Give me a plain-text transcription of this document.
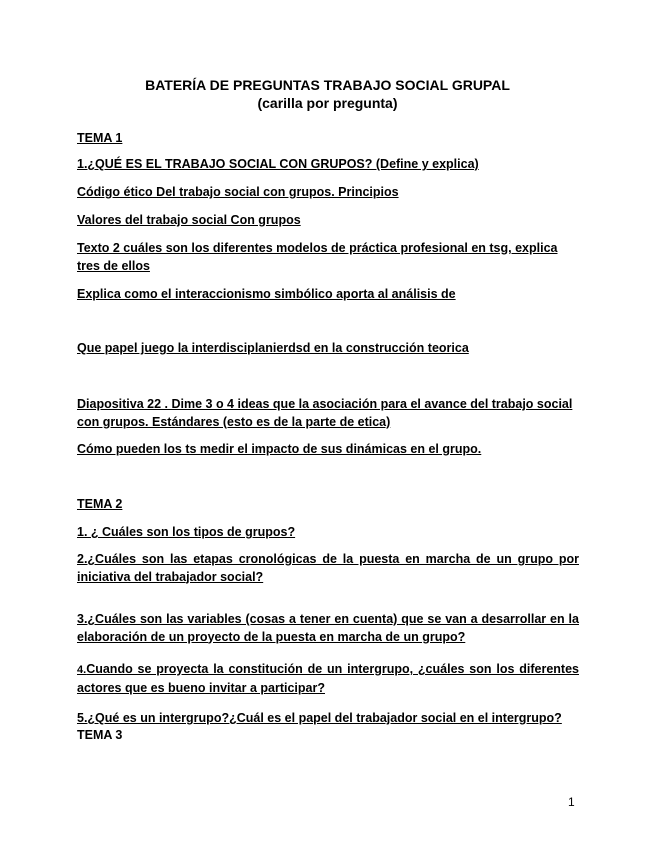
BATERÍA DE PREGUNTAS TRABAJO SOCIAL GRUPAL
(carilla por pregunta)
TEMA 1
1.¿QUÉ ES EL TRABAJO SOCIAL CON GRUPOS? (Define y explica)
Código ético Del trabajo social con grupos. Principios
Valores del trabajo social Con grupos
Texto 2 cuáles son los diferentes modelos de práctica profesional en tsg, explica tres de ellos
Explica como el interaccionismo simbólico aporta al análisis de
Que papel juego la interdisciplanierdsd en la construcción teorica
Diapositiva 22 . Dime 3 o 4 ideas que la asociación para el avance del trabajo social con grupos. Estándares (esto es de la parte de etica)
Cómo pueden los ts medir el impacto de sus dinámicas en el grupo.
TEMA 2
1. ¿ Cuáles son los tipos de grupos?
2.¿Cuáles son las etapas cronológicas de la puesta en marcha de un grupo por iniciativa del trabajador social?
3.¿Cuáles son las variables (cosas a tener en cuenta) que se van a desarrollar en la elaboración de un proyecto de la puesta en marcha de un grupo?
4.Cuando se proyecta la constitución de un intergrupo, ¿cuáles son los diferentes actores que es bueno invitar a participar?
5.¿Qué es un intergrupo?¿Cuál es el papel del trabajador social en el intergrupo?
TEMA 3
1
